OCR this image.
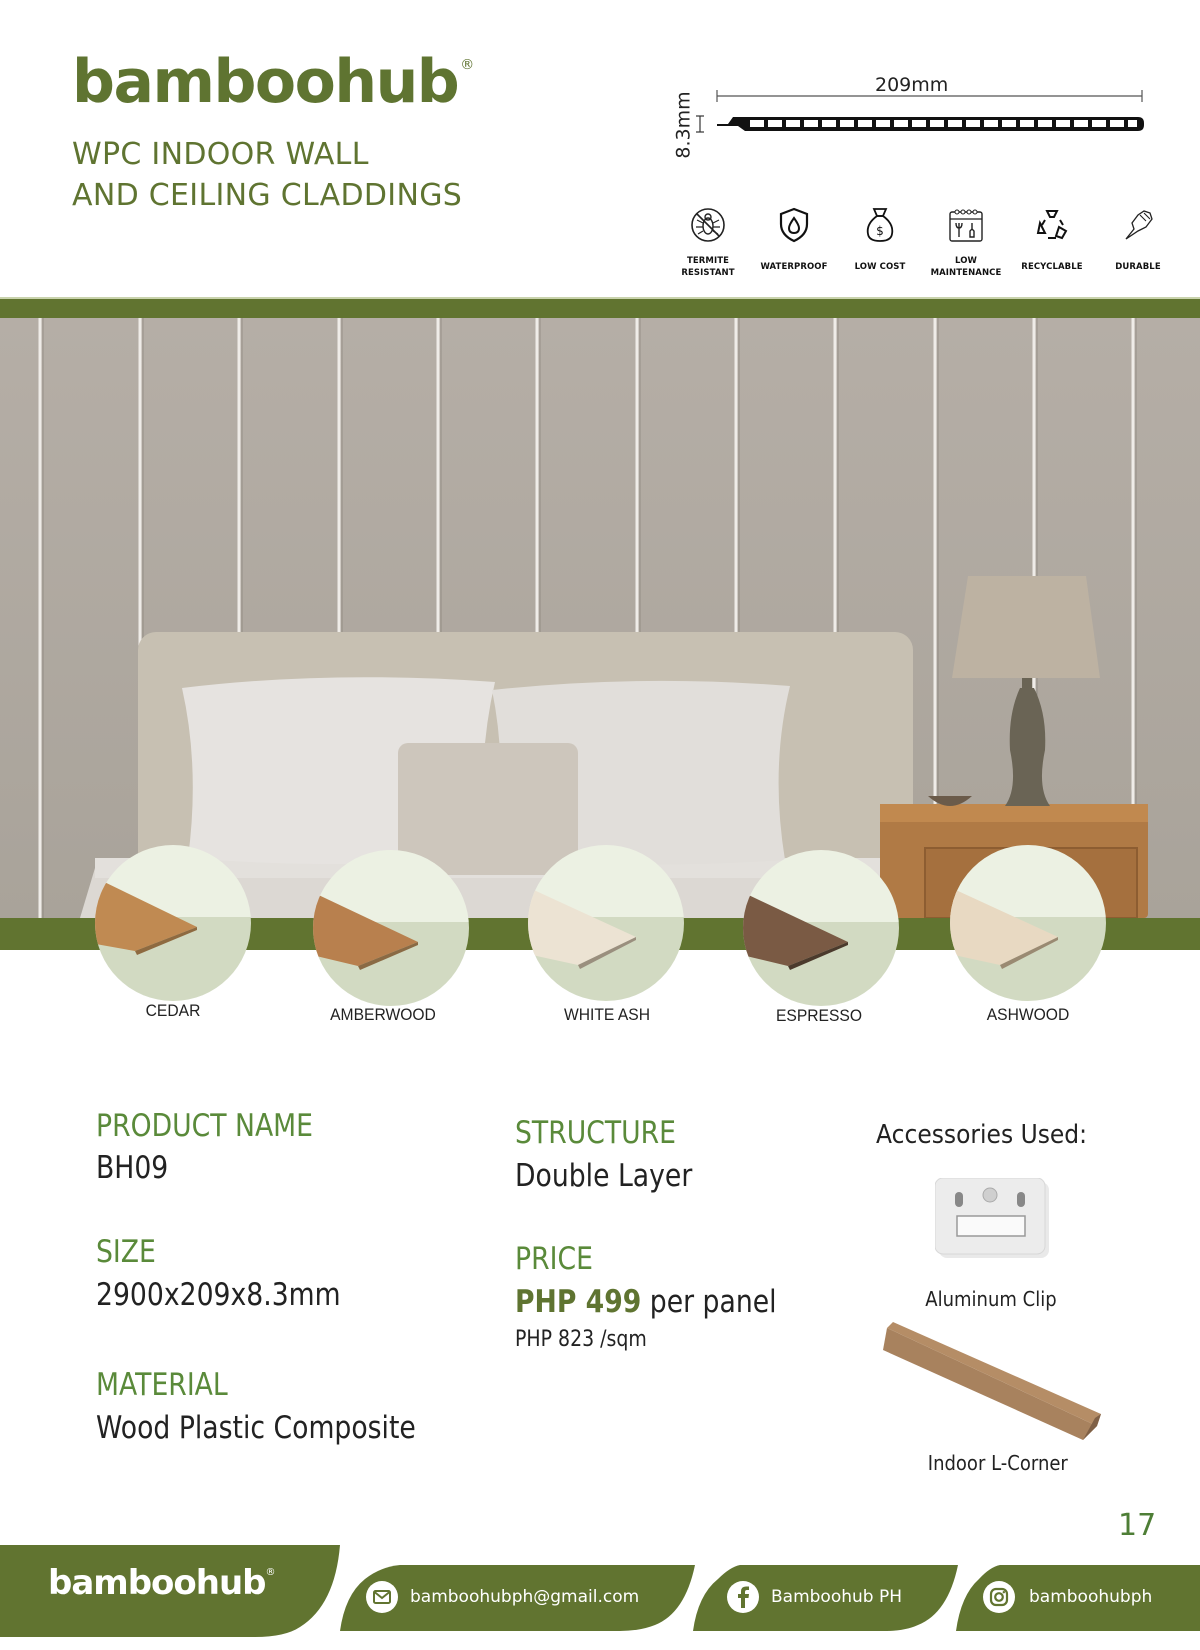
bamboohub ®
WPC INDOOR WALL
AND CEILING CLADDINGS
209mm
8.3mm
TERMITE
RESISTANT
WATERPROOF
$
LOW COST
LOW
MAINTENANCE
RECYCLABLE	DURABLE
CEDAR	AMBERWOOD	WHITE ASH	ESPRESSO	ASHWOOD
PRODUCT NAME
BH09
SIZE
2900x209x8.3mm
MATERIAL
Wood Plastic Composite
STRUCTURE
Double Layer
PRICE
PHP 499 per panel
PHP 823 /sqm
Accessories Used:
Aluminum Clip
Indoor L-Corner
17
bamboohub®
bamboohubph@gmail.com	Bamboohub PH	bamboohubph
